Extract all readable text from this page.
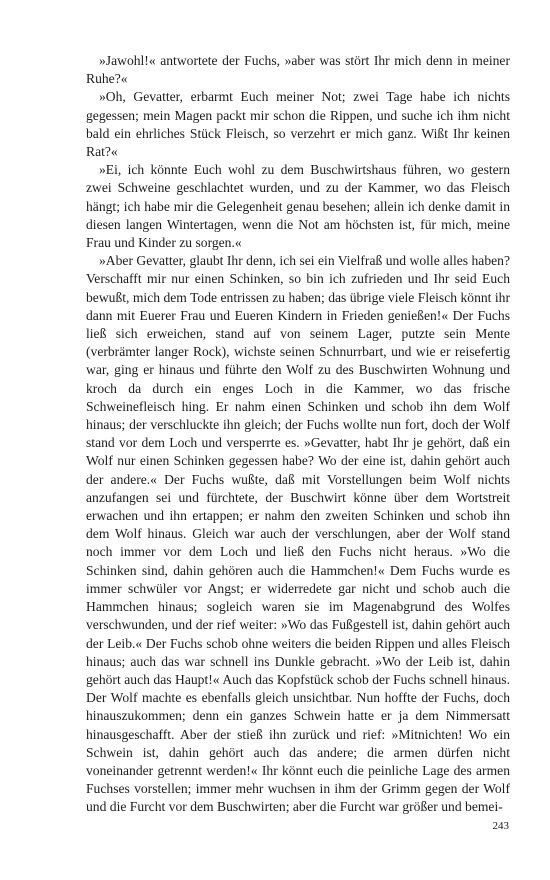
»Jawohl!« antwortete der Fuchs, »aber was stört Ihr mich denn in meiner Ruhe?«

»Oh, Gevatter, erbarmt Euch meiner Not; zwei Tage habe ich nichts gegessen; mein Magen packt mir schon die Rippen, und suche ich ihm nicht bald ein ehrliches Stück Fleisch, so verzehrt er mich ganz. Wißt Ihr keinen Rat?«

»Ei, ich könnte Euch wohl zu dem Buschwirtshaus führen, wo gestern zwei Schweine geschlachtet wurden, und zu der Kammer, wo das Fleisch hängt; ich habe mir die Gelegenheit genau besehen; allein ich denke damit in diesen langen Wintertagen, wenn die Not am höchsten ist, für mich, meine Frau und Kinder zu sorgen.«

»Aber Gevatter, glaubt Ihr denn, ich sei ein Vielfraß und wolle alles haben? Verschafft mir nur einen Schinken, so bin ich zufrieden und Ihr seid Euch bewußt, mich dem Tode entrissen zu haben; das übrige viele Fleisch könnt ihr dann mit Euerer Frau und Eueren Kindern in Frieden genießen!« Der Fuchs ließ sich erweichen, stand auf von seinem Lager, putzte sein Mente (verbrämter langer Rock), wichste seinen Schnurrbart, und wie er reisefertig war, ging er hinaus und führte den Wolf zu des Buschwirten Wohnung und kroch da durch ein enges Loch in die Kammer, wo das frische Schweinefleisch hing. Er nahm einen Schinken und schob ihn dem Wolf hinaus; der verschluckte ihn gleich; der Fuchs wollte nun fort, doch der Wolf stand vor dem Loch und versperrte es. »Gevatter, habt Ihr je gehört, daß ein Wolf nur einen Schinken gegessen habe? Wo der eine ist, dahin gehört auch der andere.« Der Fuchs wußte, daß mit Vorstellungen beim Wolf nichts anzufangen sei und fürchtete, der Buschwirt könne über dem Wortstreit erwachen und ihn ertappen; er nahm den zweiten Schinken und schob ihn dem Wolf hinaus. Gleich war auch der verschlungen, aber der Wolf stand noch immer vor dem Loch und ließ den Fuchs nicht heraus. »Wo die Schinken sind, dahin gehören auch die Hammchen!« Dem Fuchs wurde es immer schwüler vor Angst; er widerredete gar nicht und schob auch die Hammchen hinaus; sogleich waren sie im Magenabgrund des Wolfes verschwunden, und der rief weiter: »Wo das Fußgestell ist, dahin gehört auch der Leib.« Der Fuchs schob ohne weiters die beiden Rippen und alles Fleisch hinaus; auch das war schnell ins Dunkle gebracht. »Wo der Leib ist, dahin gehört auch das Haupt!« Auch das Kopfstück schob der Fuchs schnell hinaus. Der Wolf machte es ebenfalls gleich unsichtbar. Nun hoffte der Fuchs, doch hinauszukommen; denn ein ganzes Schwein hatte er ja dem Nimmersatt hinausgeschafft. Aber der stieß ihn zurück und rief: »Mitnichten! Wo ein Schwein ist, dahin gehört auch das andere; die armen dürfen nicht voneinander getrennt werden!« Ihr könnt euch die peinliche Lage des armen Fuchses vorstellen; immer mehr wuchsen in ihm der Grimm gegen der Wolf und die Furcht vor dem Buschwirten; aber die Furcht war größer und bemei-

243
